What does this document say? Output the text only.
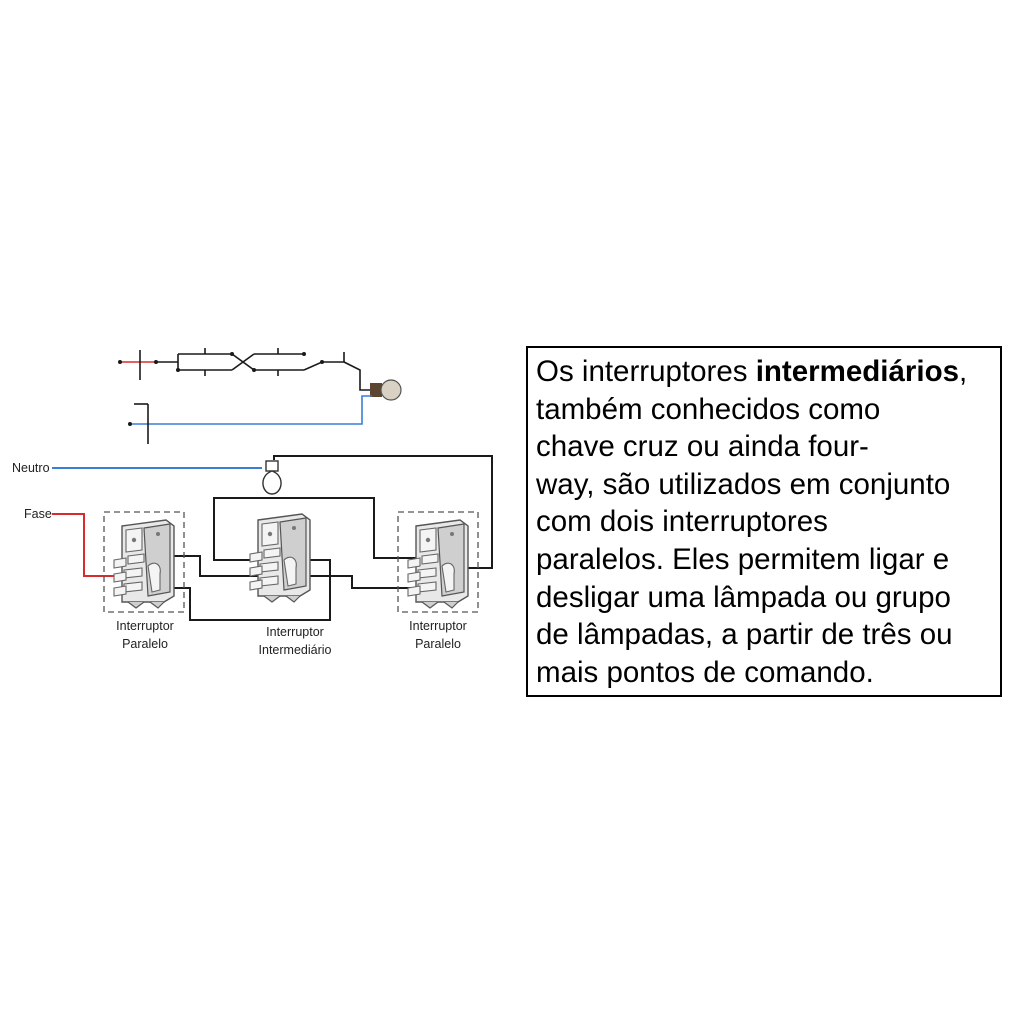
Neutro
Fase
Interruptor
Paralelo
Interruptor
Intermediário
Interruptor
Paralelo

Os interruptores intermediários,
também conhecidos como
chave cruz ou ainda four-
way, são utilizados em conjunto
com dois interruptores
paralelos. Eles permitem ligar e
desligar uma lâmpada ou grupo
de lâmpadas, a partir de três ou
mais pontos de comando.
